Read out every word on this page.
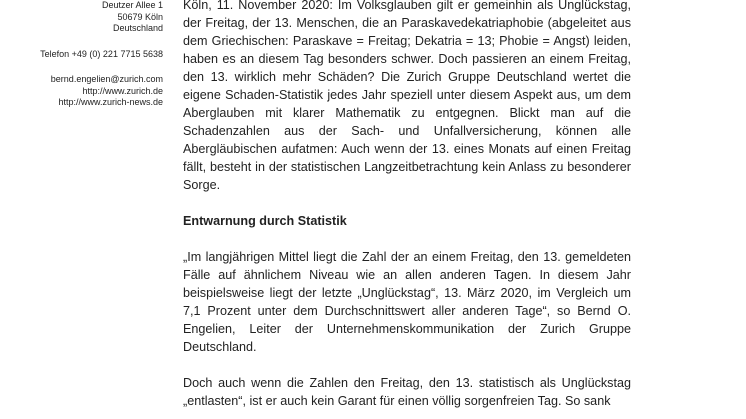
Deutzer Allee 1
50679 Köln
Deutschland
Telefon +49 (0) 221 7715 5638
bernd.engelien@zurich.com
http://www.zurich.de
http://www.zurich-news.de

Köln, 11. November 2020: Im Volksglauben gilt er gemeinhin als Unglückstag, der Freitag, der 13. Menschen, die an Paraskavedekatriaphobie (abgeleitet aus dem Griechischen: Paraskave = Freitag; Dekatria = 13; Phobie = Angst) leiden, haben es an diesem Tag besonders schwer. Doch passieren an einem Freitag, den 13. wirklich mehr Schäden? Die Zurich Gruppe Deutschland wertet die eigene Schaden-Statistik jedes Jahr speziell unter diesem Aspekt aus, um dem Aberglauben mit klarer Mathematik zu entgegnen. Blickt man auf die Schadenzahlen aus der Sach- und Unfallversicherung, können alle Abergläubischen aufatmen: Auch wenn der 13. eines Monats auf einen Freitag fällt, besteht in der statistischen Langzeitbetrachtung kein Anlass zu besonderer Sorge.

Entwarnung durch Statistik

„Im langjährigen Mittel liegt die Zahl der an einem Freitag, den 13. gemeldeten Fälle auf ähnlichem Niveau wie an allen anderen Tagen. In diesem Jahr beispielsweise liegt der letzte „Unglückstag“, 13. März 2020, im Vergleich um 7,1 Prozent unter dem Durchschnittswert aller anderen Tage“, so Bernd O. Engelien, Leiter der Unternehmenskommunikation der Zurich Gruppe Deutschland.

Doch auch wenn die Zahlen den Freitag, den 13. statistisch als Unglückstag „entlasten“, ist er auch kein Garant für einen völlig sorgenfreien Tag. So sank
